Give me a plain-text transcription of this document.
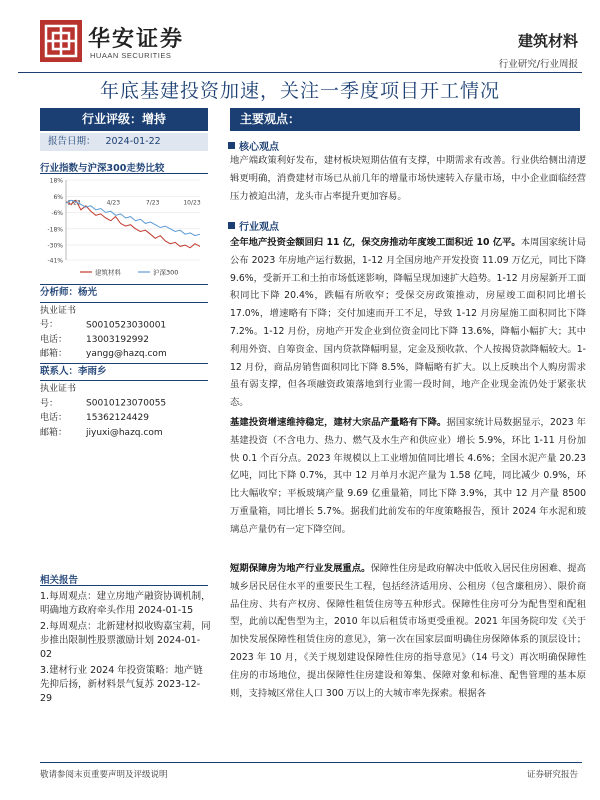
华安证券
HUAAN SECURITIES
建筑材料
行业研究/行业周报
年底基建投资加速，关注一季度项目开工情况
行业评级：增持
报告日期： 2024-01-22
行业指数与沪深300走势比较
18%
6%
-6%
-18%
-30%
-41%
1/23	4/23	7/23	10/23
建筑材料	沪深300
分析师：杨光
执业证书号：	S0010523030001
电话： 13003192992
邮箱： yangg@hazq.com
联系人：李雨乡
执业证书号：	S0010123070055
电话： 15362124429
邮箱： jiyuxi@hazq.com
相关报告
1.每周观点：建立房地产融资协调机制，明确地方政府牵头作用 2024-01-15
2.每周观点：北新建材拟收购嘉宝莉，同步推出限制性股票激励计划 2024-01-02
3.建材行业 2024 年投资策略：地产链先抑后扬，新材料景气复苏 2023-12-29
主要观点：
核心观点
地产端政策利好发布，建材板块短期估值有支撑，中期需求有改善。行业供给侧出清逻辑更明确，消费建材市场已从前几年的增量市场快速转入存量市场，中小企业面临经营压力被迫出清，龙头市占率提升更加容易。
行业观点
全年地产投资金额回归 11 亿，保交房推动年度竣工面积近 10 亿平。本周国家统计局公布 2023 年房地产运行数据，1-12 月全国房地产开发投资 11.09 万亿元，同比下降 9.6%，受新开工和土拍市场低迷影响，降幅呈现加速扩大趋势。1-12 月房屋新开工面积同比下降 20.4%，跌幅有所收窄；受保交房政策推动，房屋竣工面积同比增长 17.0%，增速略有下降；交付加速而开工不足，导致 1-12 月房屋施工面积同比下降 7.2%。1-12 月份，房地产开发企业到位资金同比下降 13.6%，降幅小幅扩大；其中利用外资、自筹资金、国内贷款降幅明显，定金及预收款、个人按揭贷款降幅较大。1-12 月份，商品房销售面积同比下降 8.5%，降幅略有扩大。以上反映出个人购房需求虽有弱支撑，但各项融资政策落地到行业需一段时间，地产企业现金流仍处于紧张状态。
基建投资增速维持稳定，建材大宗品产量略有下降。据国家统计局数据显示，2023 年基建投资（不含电力、热力、燃气及水生产和供应业）增长 5.9%，环比 1-11 月份加快 0.1 个百分点。2023 年规模以上工业增加值同比增长 4.6%；全国水泥产量 20.23 亿吨，同比下降 0.7%，其中 12 月单月水泥产量为 1.58 亿吨，同比减少 0.9%，环比大幅收窄；平板玻璃产量 9.69 亿重量箱，同比下降 3.9%，其中 12 月产量 8500 万重量箱，同比增长 5.7%。据我们此前发布的年度策略报告，预计 2024 年水泥和玻璃总产量仍有一定下降空间。
短期保障房为地产行业发展重点。保障性住房是政府解决中低收入居民住房困难、提高城乡居民居住水平的重要民生工程，包括经济适用房、公租房（包含廉租房）、限价商品住房、共有产权房、保障性租赁住房等五种形式。保障性住房可分为配售型和配租型，此前以配售型为主，2010 年以后租赁市场更受重视。2021 年国务院印发《关于加快发展保障性租赁住房的意见》，第一次在国家层面明确住房保障体系的顶层设计；2023 年 10 月，《关于规划建设保障性住房的指导意见》（14 号文）再次明确保障性住房的市场地位，提出保障性住房建设和筹集、保障对象和标准、配售管理的基本原则，支持城区常住人口 300 万以上的大城市率先探索。根据各
敬请参阅末页重要声明及评级说明	证券研究报告
